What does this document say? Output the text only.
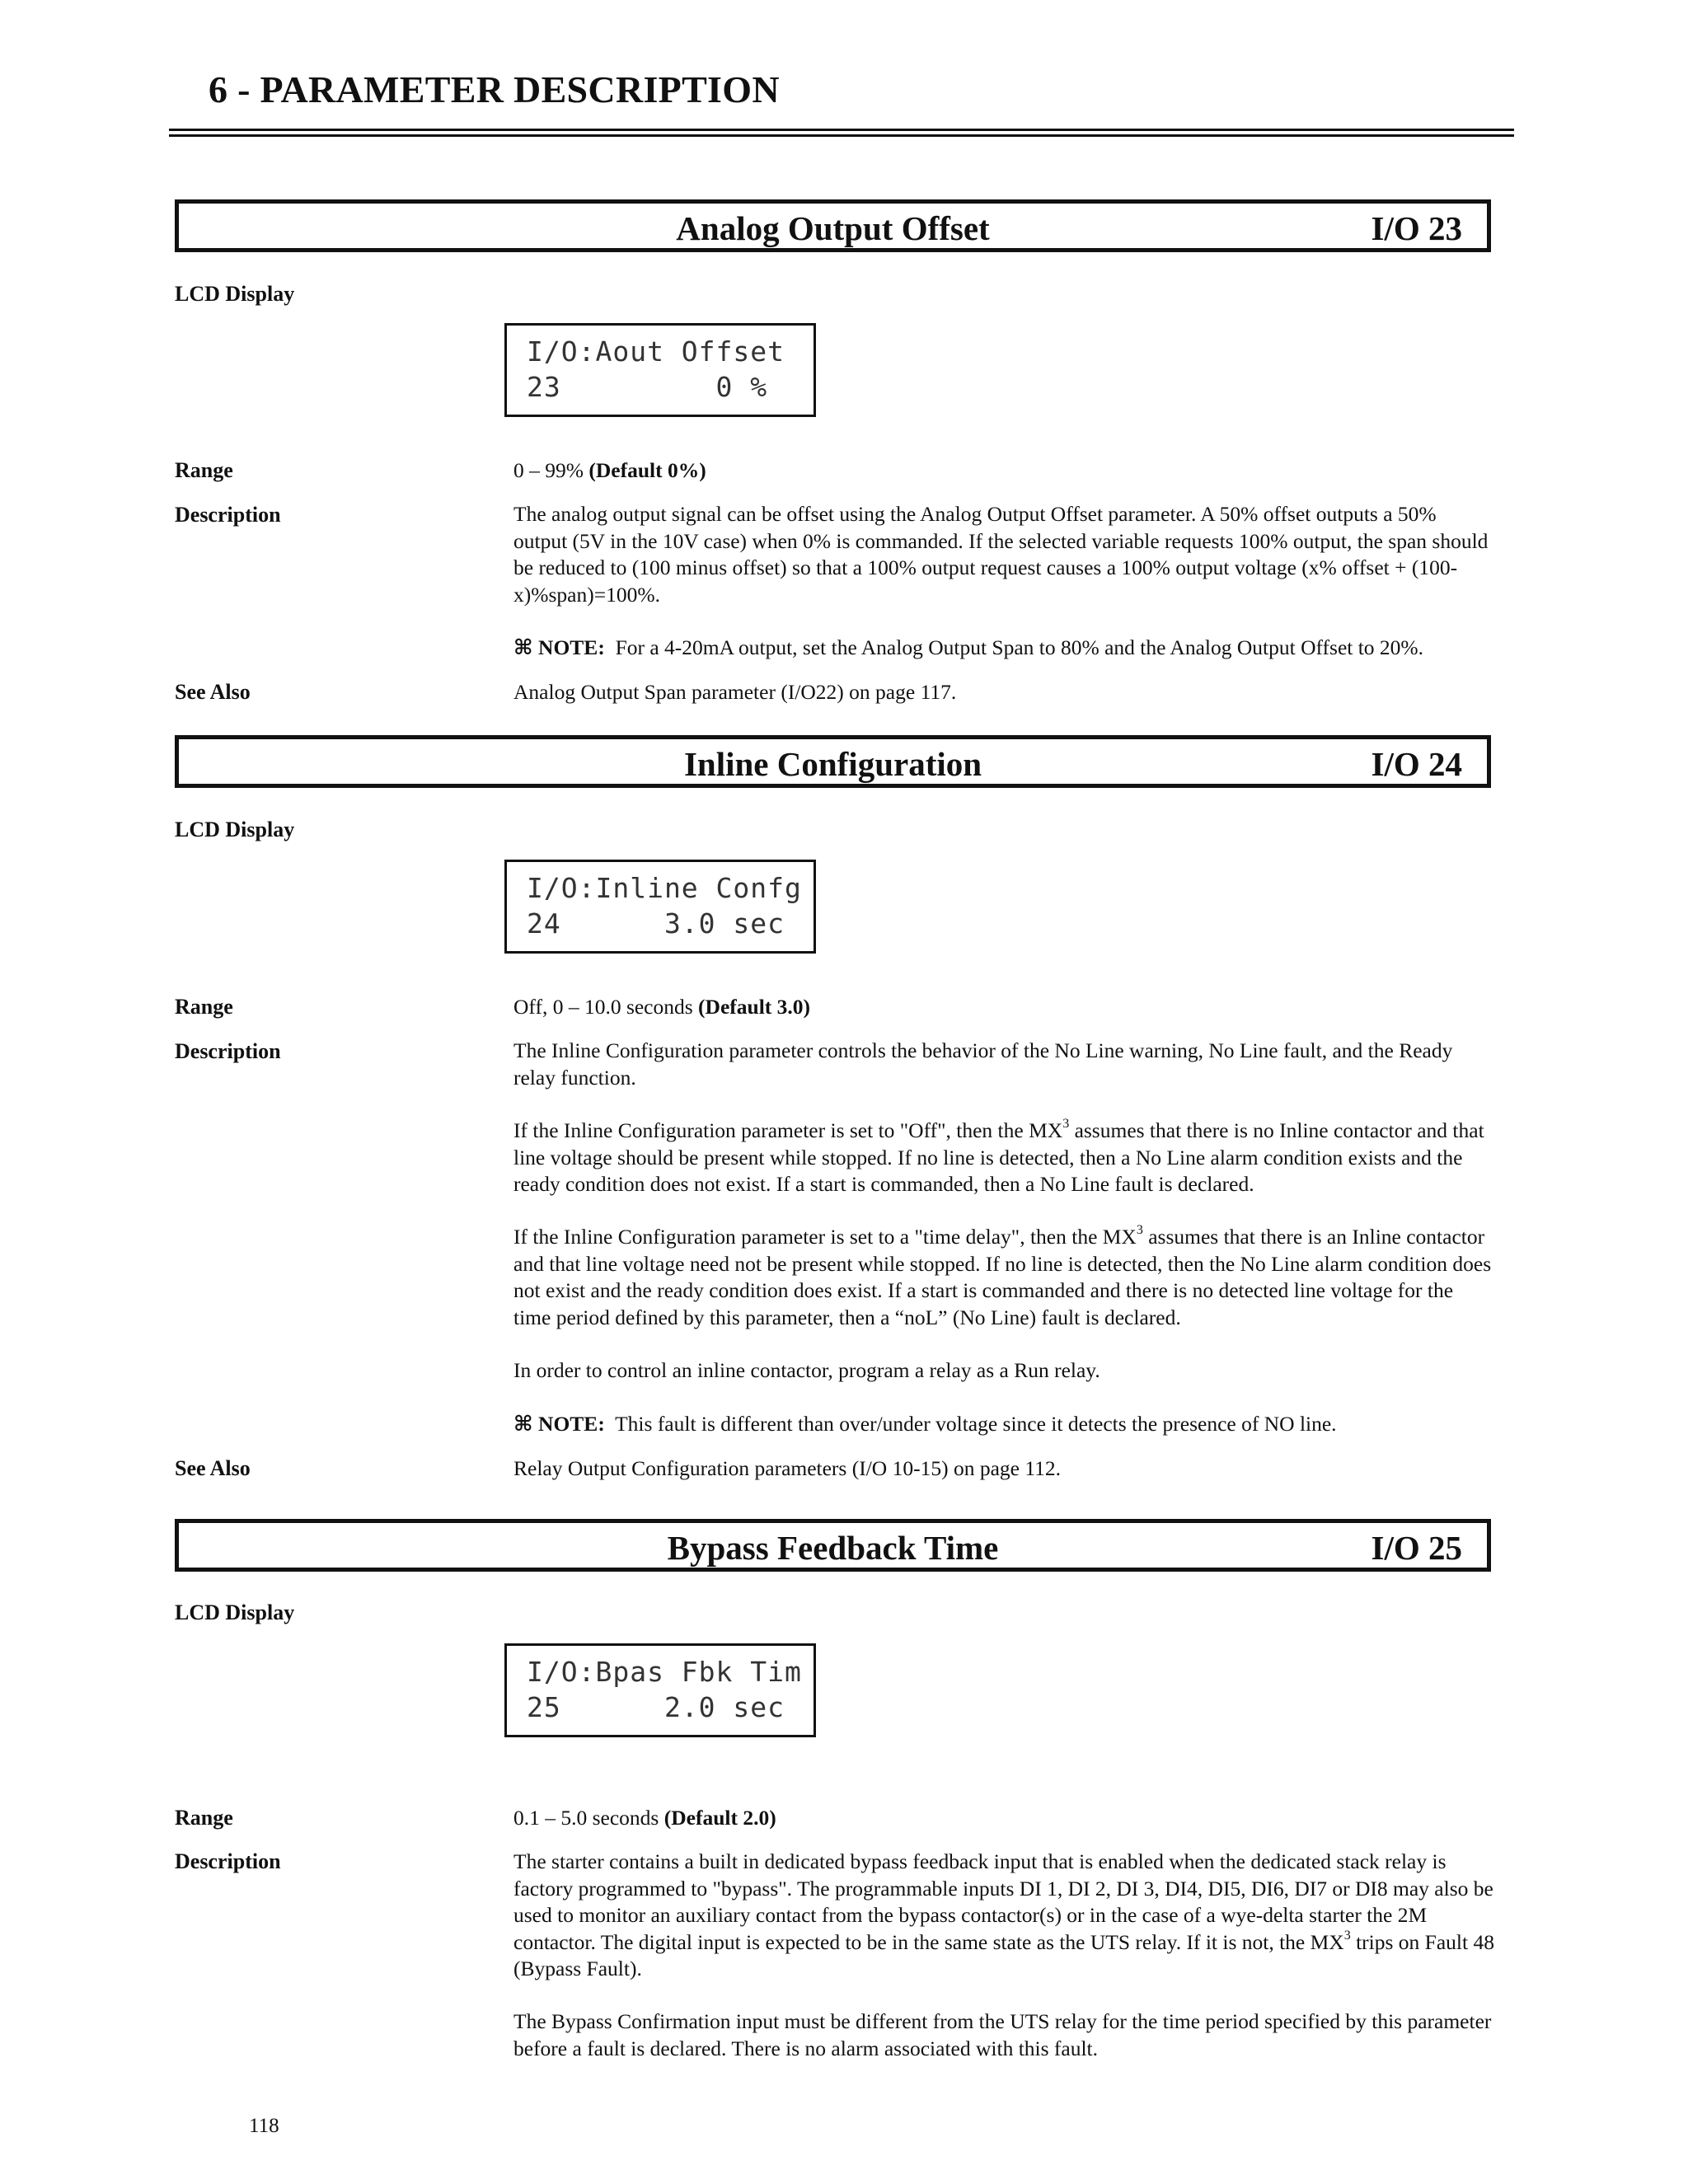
6 - PARAMETER DESCRIPTION
Analog Output Offset	I/O 23
LCD Display
I/O:Aout Offset
23         0 %
Range	0 – 99% (Default 0%)
Description	The analog output signal can be offset using the Analog Output Offset parameter. A 50% offset outputs a 50% output (5V in the 10V case) when 0% is commanded. If the selected variable requests 100% output, the span should be reduced to (100 minus offset) so that a 100% output request causes a 100% output voltage (x% offset + (100-x)%span)=100%.
⌘ NOTE: For a 4-20mA output, set the Analog Output Span to 80% and the Analog Output Offset to 20%.
See Also	Analog Output Span parameter (I/O22) on page 117.
Inline Configuration	I/O 24
LCD Display
I/O:Inline Confg
24      3.0 sec
Range	Off, 0 – 10.0 seconds (Default 3.0)
Description	The Inline Configuration parameter controls the behavior of the No Line warning, No Line fault, and the Ready relay function.
If the Inline Configuration parameter is set to "Off", then the $MX^3$ assumes that there is no Inline contactor and that line voltage should be present while stopped. If no line is detected, then a No Line alarm condition exists and the ready condition does not exist. If a start is commanded, then a No Line fault is declared.
If the Inline Configuration parameter is set to a "time delay", then the $MX^3$ assumes that there is an Inline contactor and that line voltage need not be present while stopped. If no line is detected, then the No Line alarm condition does not exist and the ready condition does exist. If a start is commanded and there is no detected line voltage for the time period defined by this parameter, then a “noL” (No Line) fault is declared.
In order to control an inline contactor, program a relay as a Run relay.
⌘ NOTE: This fault is different than over/under voltage since it detects the presence of NO line.
See Also	Relay Output Configuration parameters (I/O 10-15) on page 112.
Bypass Feedback Time	I/O 25
LCD Display
I/O:Bpas Fbk Tim
25      2.0 sec
Range	0.1 – 5.0 seconds (Default 2.0)
Description	The starter contains a built in dedicated bypass feedback input that is enabled when the dedicated stack relay is factory programmed to "bypass". The programmable inputs DI 1, DI 2, DI 3, DI4, DI5, DI6, DI7 or DI8 may also be used to monitor an auxiliary contact from the bypass contactor(s) or in the case of a wye-delta starter the 2M contactor. The digital input is expected to be in the same state as the UTS relay. If it is not, the $MX^3$ trips on Fault 48 (Bypass Fault).
The Bypass Confirmation input must be different from the UTS relay for the time period specified by this parameter before a fault is declared. There is no alarm associated with this fault.
118
